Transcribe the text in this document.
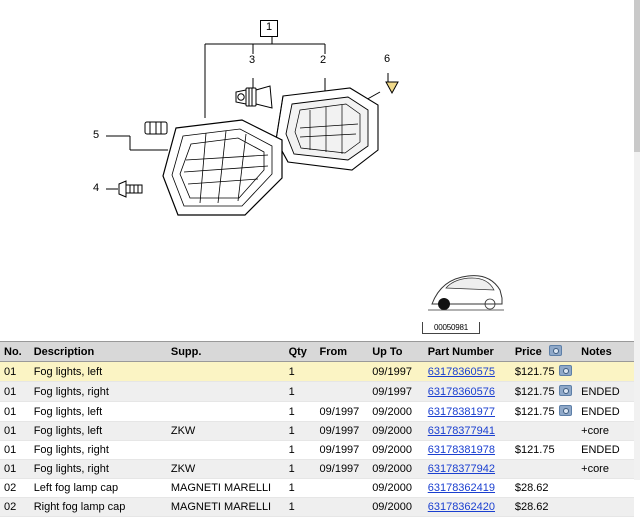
1
2
3
4
5
6
00050981
No.	Description	Supp.	Qty	From	Up To	Part Number	Price	Notes
01	Fog lights, left		1		09/1997	63178360575	$121.75	
01	Fog lights, right		1		09/1997	63178360576	$121.75	ENDED
01	Fog lights, left		1	09/1997	09/2000	63178381977	$121.75	ENDED
01	Fog lights, left	ZKW	1	09/1997	09/2000	63178377941		+core
01	Fog lights, right		1	09/1997	09/2000	63178381978	$121.75	ENDED
01	Fog lights, right	ZKW	1	09/1997	09/2000	63178377942		+core
02	Left fog lamp cap	MAGNETI MARELLI	1		09/2000	63178362419	$28.62	
02	Right fog lamp cap	MAGNETI MARELLI	1		09/2000	63178362420	$28.62	
